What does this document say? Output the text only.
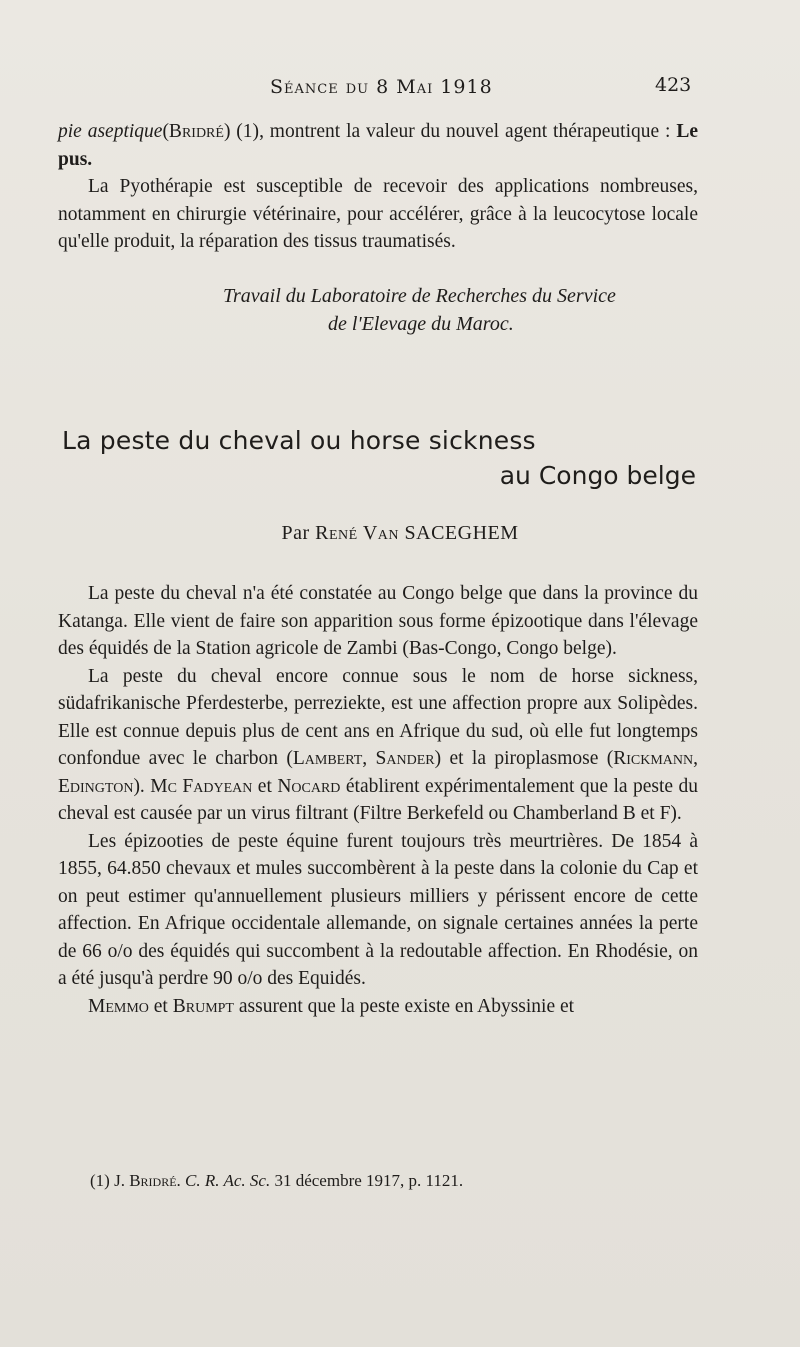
Séance du 8 Mai 1918	423

pie aseptique(Bridré) (1), montrent la valeur du nouvel agent thérapeutique : Le pus.

La Pyothérapie est susceptible de recevoir des applications nombreuses, notamment en chirurgie vétérinaire, pour accélérer, grâce à la leucocytose locale qu'elle produit, la réparation des tissus traumatisés.

Travail du Laboratoire de Recherches du Service
de l'Elevage du Maroc.
La peste du cheval ou horse sickness
au Congo belge
Par René Van SACEGHEM

La peste du cheval n'a été constatée au Congo belge que dans la province du Katanga. Elle vient de faire son apparition sous forme épizootique dans l'élevage des équidés de la Station agricole de Zambi (Bas-Congo, Congo belge).

La peste du cheval encore connue sous le nom de horse sickness, südafrikanische Pferdesterbe, perreziekte, est une affection propre aux Solipèdes. Elle est connue depuis plus de cent ans en Afrique du sud, où elle fut longtemps confondue avec le charbon (Lambert, Sander) et la piroplasmose (Rickmann, Edington). Mc Fadyean et Nocard établirent expérimentalement que la peste du cheval est causée par un virus filtrant (Filtre Berkefeld ou Chamberland B et F).

Les épizooties de peste équine furent toujours très meurtrières. De 1854 à 1855, 64.850 chevaux et mules succombèrent à la peste dans la colonie du Cap et on peut estimer qu'annuellement plusieurs milliers y périssent encore de cette affection. En Afrique occidentale allemande, on signale certaines années la perte de 66 o/o des équidés qui succombent à la redoutable affection. En Rhodésie, on a été jusqu'à perdre 90 o/o des Equidés.

Memmo et Brumpt assurent que la peste existe en Abyssinie et

(1) J. Bridré. C. R. Ac. Sc. 31 décembre 1917, p. 1121.
